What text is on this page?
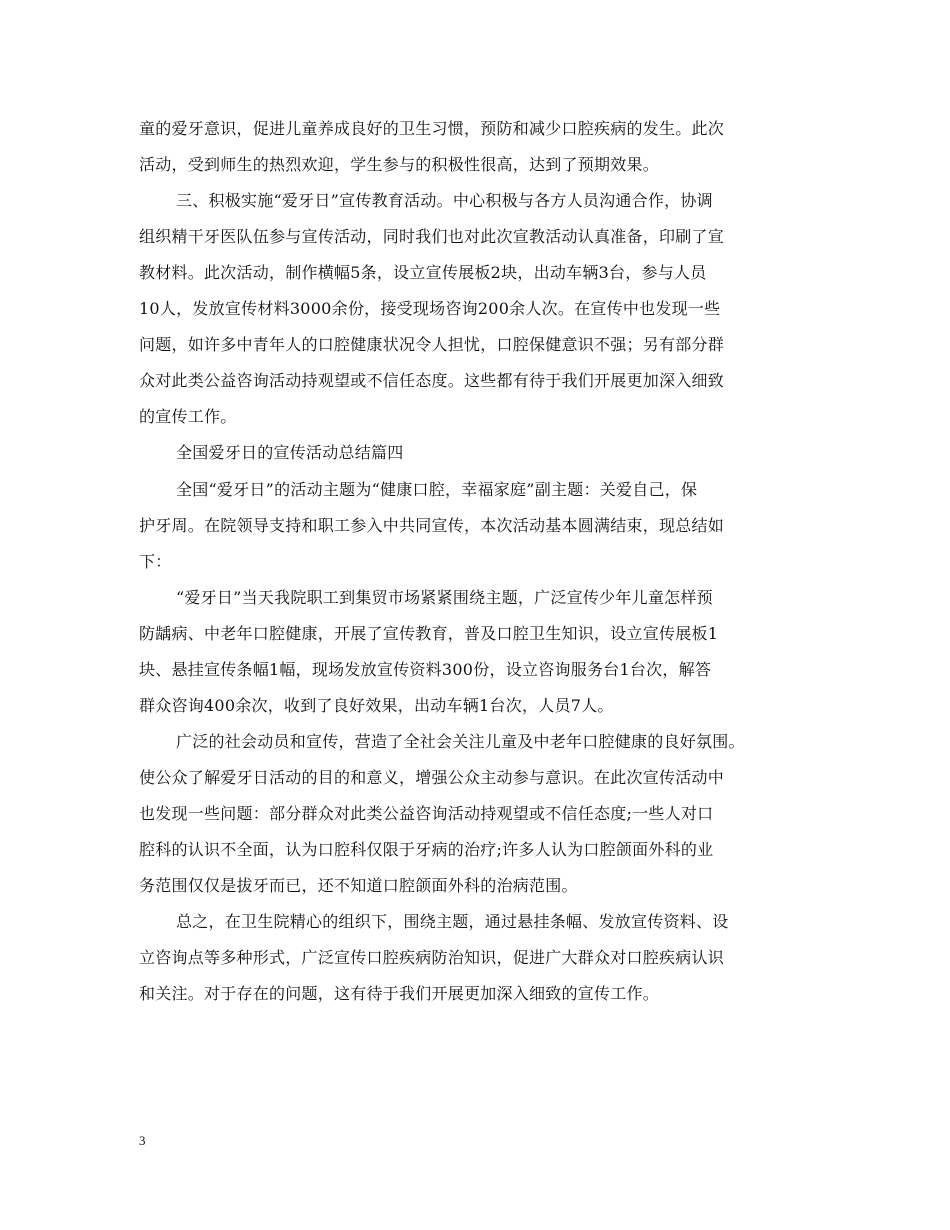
童的爱牙意识，促进儿童养成良好的卫生习惯，预防和减少口腔疾病的发生。此次
活动，受到师生的热烈欢迎，学生参与的积极性很高，达到了预期效果。
三、积极实施“爱牙日”宣传教育活动。中心积极与各方人员沟通合作，协调
组织精干牙医队伍参与宣传活动，同时我们也对此次宣教活动认真准备，印刷了宣
教材料。此次活动，制作横幅5条，设立宣传展板2块，出动车辆3台，参与人员
10人，发放宣传材料3000余份，接受现场咨询200余人次。在宣传中也发现一些
问题，如许多中青年人的口腔健康状况令人担忧，口腔保健意识不强；另有部分群
众对此类公益咨询活动持观望或不信任态度。这些都有待于我们开展更加深入细致
的宣传工作。
全国爱牙日的宣传活动总结篇四
全国“爱牙日”的活动主题为“健康口腔，幸福家庭”副主题：关爱自己，保
护牙周。在院领导支持和职工参入中共同宣传，本次活动基本圆满结束，现总结如
下：
“爱牙日”当天我院职工到集贸市场紧紧围绕主题，广泛宣传少年儿童怎样预
防龋病、中老年口腔健康，开展了宣传教育，普及口腔卫生知识，设立宣传展板1
块、悬挂宣传条幅1幅，现场发放宣传资料300份，设立咨询服务台1台次，解答
群众咨询400余次，收到了良好效果，出动车辆1台次，人员7人。
广泛的社会动员和宣传，营造了全社会关注儿童及中老年口腔健康的良好氛围。
使公众了解爱牙日活动的目的和意义，增强公众主动参与意识。在此次宣传活动中
也发现一些问题：部分群众对此类公益咨询活动持观望或不信任态度;一些人对口
腔科的认识不全面，认为口腔科仅限于牙病的治疗;许多人认为口腔颌面外科的业
务范围仅仅是拔牙而已，还不知道口腔颌面外科的治病范围。
总之，在卫生院精心的组织下，围绕主题，通过悬挂条幅、发放宣传资料、设
立咨询点等多种形式，广泛宣传口腔疾病防治知识，促进广大群众对口腔疾病认识
和关注。对于存在的问题，这有待于我们开展更加深入细致的宣传工作。
3
